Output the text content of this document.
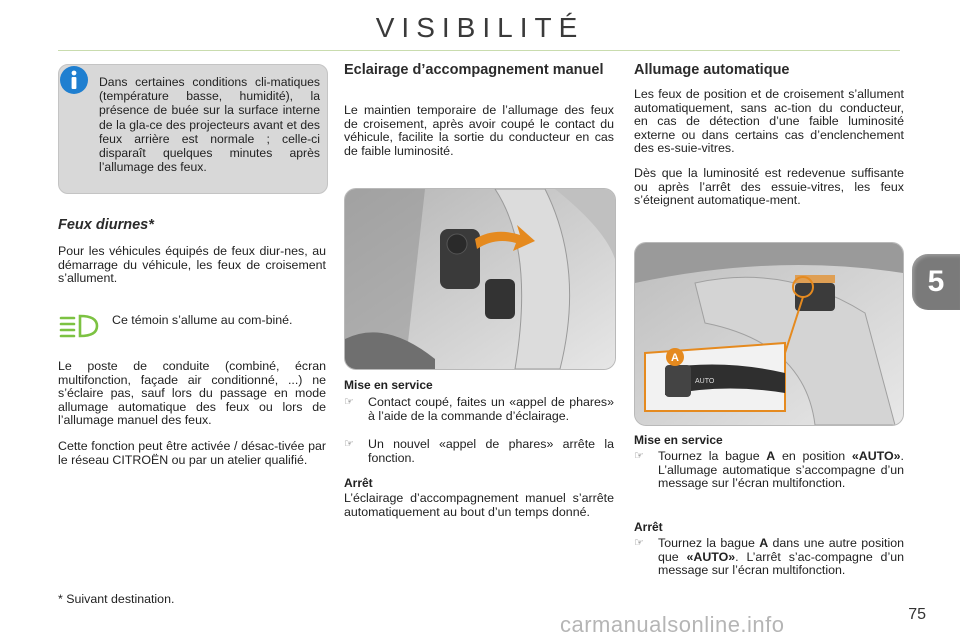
VISIBILITÉ
Dans certaines conditions cli-matiques (température basse, humidité), la présence de buée sur la surface interne de la gla-ce des projecteurs avant et des feux arrière est normale ; celle-ci disparaît quelques minutes après l’allumage des feux.
Feux diurnes*

Pour les véhicules équipés de feux diur-nes, au démarrage du véhicule, les feux de croisement s’allument.

Ce témoin s’allume au com-biné.

Le poste de conduite (combiné, écran multifonction, façade air conditionné, ...) ne s’éclaire pas, sauf lors du passage en mode allumage automatique des feux ou lors de l’allumage manuel des feux.

Cette fonction peut être activée / désac-tivée par le réseau CITROËN ou par un atelier qualifié.

* Suivant destination.
Eclairage d’accompagnement manuel

Le maintien temporaire de l’allumage des feux de croisement, après avoir coupé le contact du véhicule, facilite la sortie du conducteur en cas de faible luminosité.

Mise en service
☞	Contact coupé, faites un «appel de phares» à l’aide de la commande d’éclairage.
☞	Un nouvel «appel de phares» arrête la fonction.
Arrêt

L’éclairage d’accompagnement manuel s’arrête automatiquement au bout d’un temps donné.

Allumage automatique

Les feux de position et de croisement s’allument automatiquement, sans ac-tion du conducteur, en cas de détection d’une faible luminosité externe ou dans certains cas d’enclenchement des es-suie-vitres.

Dès que la luminosité est redevenue suffisante ou après l’arrêt des essuie-vitres, les feux s’éteignent automatique-ment.

A
AUTO
Mise en service
☞	Tournez la bague A en position «AUTO». L’allumage automatique s’accompagne d’un message sur l’écran multifonction.
Arrêt
☞	Tournez la bague A dans une autre position que «AUTO». L’arrêt s’ac-compagne d’un message sur l’écran multifonction.
5
75
carmanualsonline.info
